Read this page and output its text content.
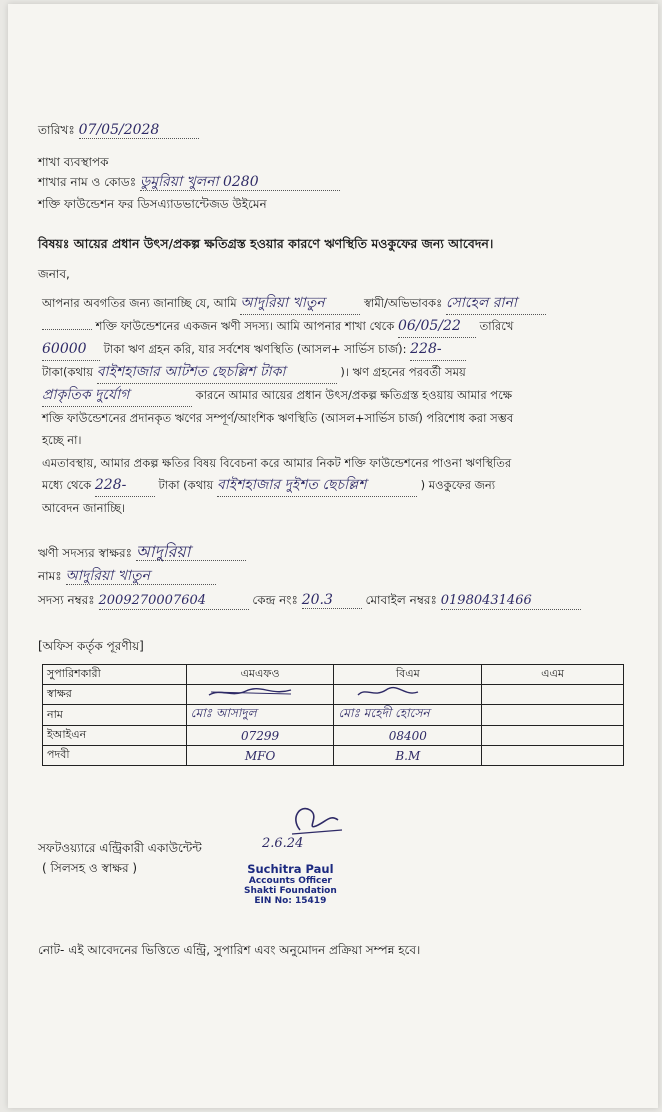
তারিখঃ 07/05/2028
শাখা ব্যবস্থাপক
শাখার নাম ও কোডঃ ডুমুরিয়া খুলনা 0280
শক্তি ফাউন্ডেশন ফর ডিসএ্যাডভান্টেজড উইমেন
বিষয়ঃ আয়ের প্রধান উৎস/প্রকল্প ক্ষতিগ্রস্ত হওয়ার কারণে ঋণস্থিতি মওকুফের জন্য আবেদন।
জনাব,
আপনার অবগতির জন্য জানাচ্ছি যে, আমি আদুরিয়া খাতুন	স্বামী/অভিভাবকঃ সোহেল রানা
শক্তি ফাউন্ডেশনের একজন ঋণী সদস্য। আমি আপনার শাখা থেকে 06/05/22 তারিখে
60000 টাকা ঋণ গ্রহন করি, যার সর্বশেষ ঋণস্থিতি (আসল+ সার্ভিস চার্জ): 228-
টাকা(কথায় বাইশহাজার আটশত ছেচল্লিশ টাকা	)। ঋণ গ্রহনের পরবর্তী সময়
প্রাকৃতিক দুর্যোগ	কারনে আমার আয়ের প্রধান উৎস/প্রকল্প ক্ষতিগ্রস্ত হওয়ায় আমার পক্ষে
শক্তি ফাউন্ডেশনের প্রদানকৃত ঋণের সম্পূর্ণ/আংশিক ঋণস্থিতি (আসল+সার্ভিস চার্জ) পরিশোধ করা সম্ভব
হচ্ছে না।
এমতাবস্থায়, আমার প্রকল্প ক্ষতির বিষয় বিবেচনা করে আমার নিকট শক্তি ফাউন্ডেশনের পাওনা ঋণস্থিতির
মধ্যে থেকে 228-	টাকা (কথায় বাইশহাজার দুইশত ছেচল্লিশ	) মওকুফের জন্য
আবেদন জানাচ্ছি।
ঋণী সদস্যর স্বাক্ষরঃ আদুরিয়া
নামঃ আদুরিয়া খাতুন
সদস্য নম্বরঃ 2009270007604	কেন্দ্র নংঃ 20.3	মোবাইল নম্বরঃ 01980431466
[অফিস কর্তৃক পূরণীয়]
সুপারিশকারী	এমএফও	বিএম	এএম
স্বাক্ষর			
নাম	মোঃ আসাদুল	মোঃ মহেদী হোসেন	
ইআইএন	07299	08400	
পদবী	MFO	B.M	
সফটওয়্যারে এন্ট্রিকারী একাউন্টেন্ট
( সিলসহ ও স্বাক্ষর )
2.6.24
Suchitra Paul
Accounts Officer
Shakti Foundation
EIN No: 15419
নোট- এই আবেদনের ভিত্তিতে এন্ট্রি, সুপারিশ এবং অনুমোদন প্রক্রিয়া সম্পন্ন হবে।
